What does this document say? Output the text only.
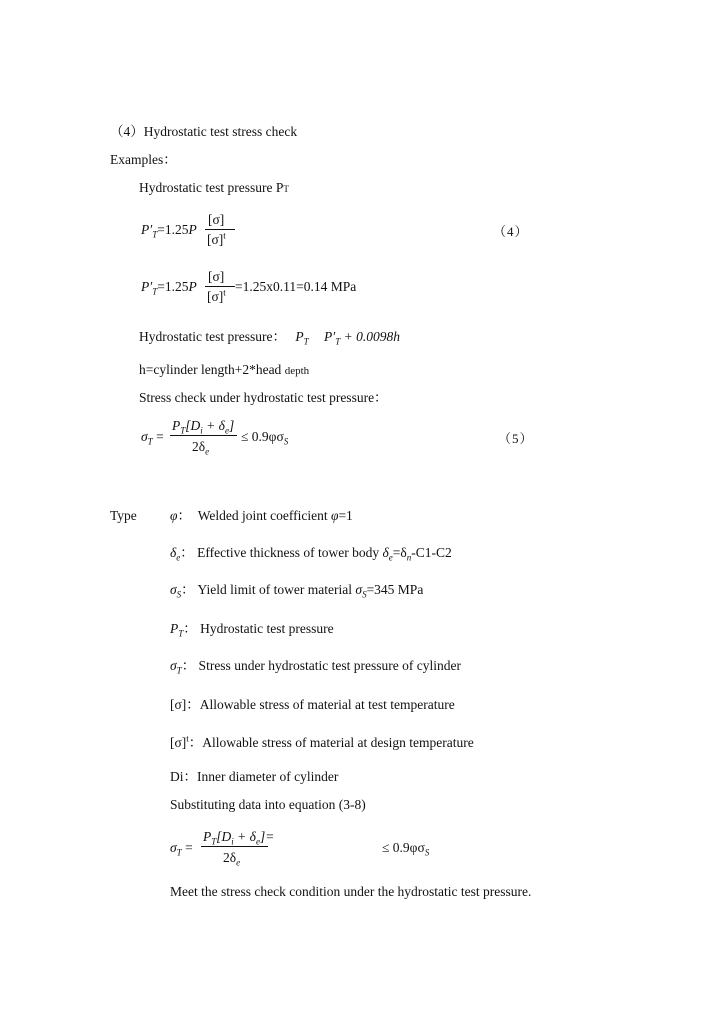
（4）Hydrostatic test stress check
Examples：
Hydrostatic test pressure PT
$P'_T=1.25P$
[σ]
$[\sigma]^t$	（4）
$P'_T=1.25P$
[σ]
$[\sigma]^t =1.25x0.11=0.14$ MPa
Hydrostatic test pressure： $P_T$ $P'_T + 0.0098h$
h=cylinder length+2*head depth
Stress check under hydrostatic test pressure：
$\sigma_T$ =
$P_T[D_i + \delta_e]$
$2\delta_e$
≤ $0.9\varphi\sigma_S$	（5）
Type φ：　Welded joint coefficient φ=1
$\delta_e$： Effective thickness of tower body $\delta_e=\delta_n-C1-C2$
$\sigma_S$： Yield limit of tower material $\sigma_S=345$ MPa
$P_T$： Hydrostatic test pressure
$\sigma_T$： Stress under hydrostatic test pressure of cylinder
[σ]：Allowable stress of material at test temperature
$[\sigma]^t$：Allowable stress of material at design temperature
Di：Inner diameter of cylinder
Substituting data into equation (3-8)
$\sigma_T$ =
$P_T[D_i + \delta_e]=$
$2\delta_e$
≤ $0.9\varphi\sigma_S$
Meet the stress check condition under the hydrostatic test pressure.
